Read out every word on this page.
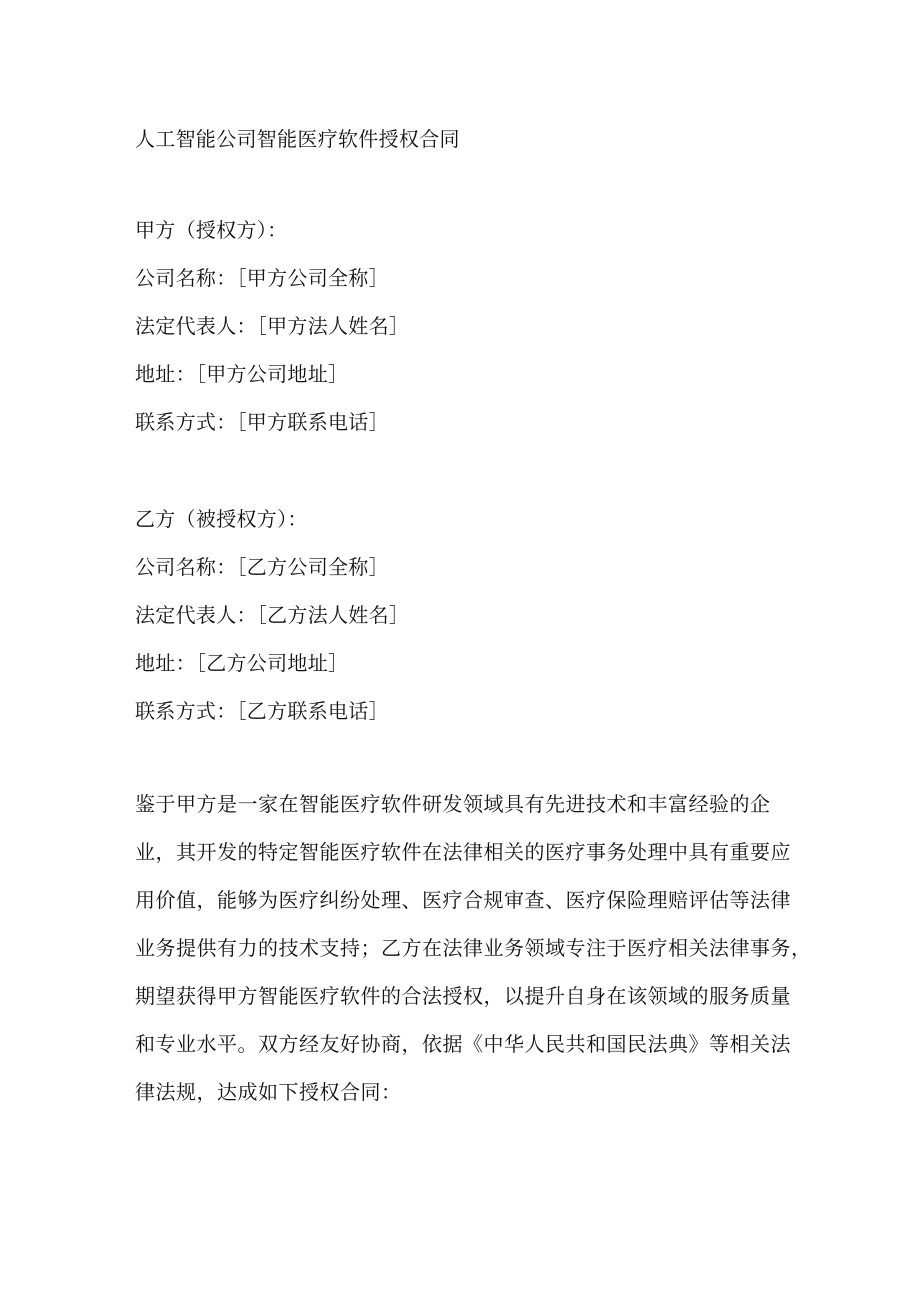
人工智能公司智能医疗软件授权合同
甲方（授权方）：
公司名称：［甲方公司全称］
法定代表人：［甲方法人姓名］
地址：［甲方公司地址］
联系方式：［甲方联系电话］
乙方（被授权方）：
公司名称：［乙方公司全称］
法定代表人：［乙方法人姓名］
地址：［乙方公司地址］
联系方式：［乙方联系电话］
鉴于甲方是一家在智能医疗软件研发领域具有先进技术和丰富经验的企
业，其开发的特定智能医疗软件在法律相关的医疗事务处理中具有重要应
用价值，能够为医疗纠纷处理、医疗合规审查、医疗保险理赔评估等法律
业务提供有力的技术支持；乙方在法律业务领域专注于医疗相关法律事务，
期望获得甲方智能医疗软件的合法授权，以提升自身在该领域的服务质量
和专业水平。双方经友好协商，依据《中华人民共和国民法典》等相关法
律法规，达成如下授权合同：
